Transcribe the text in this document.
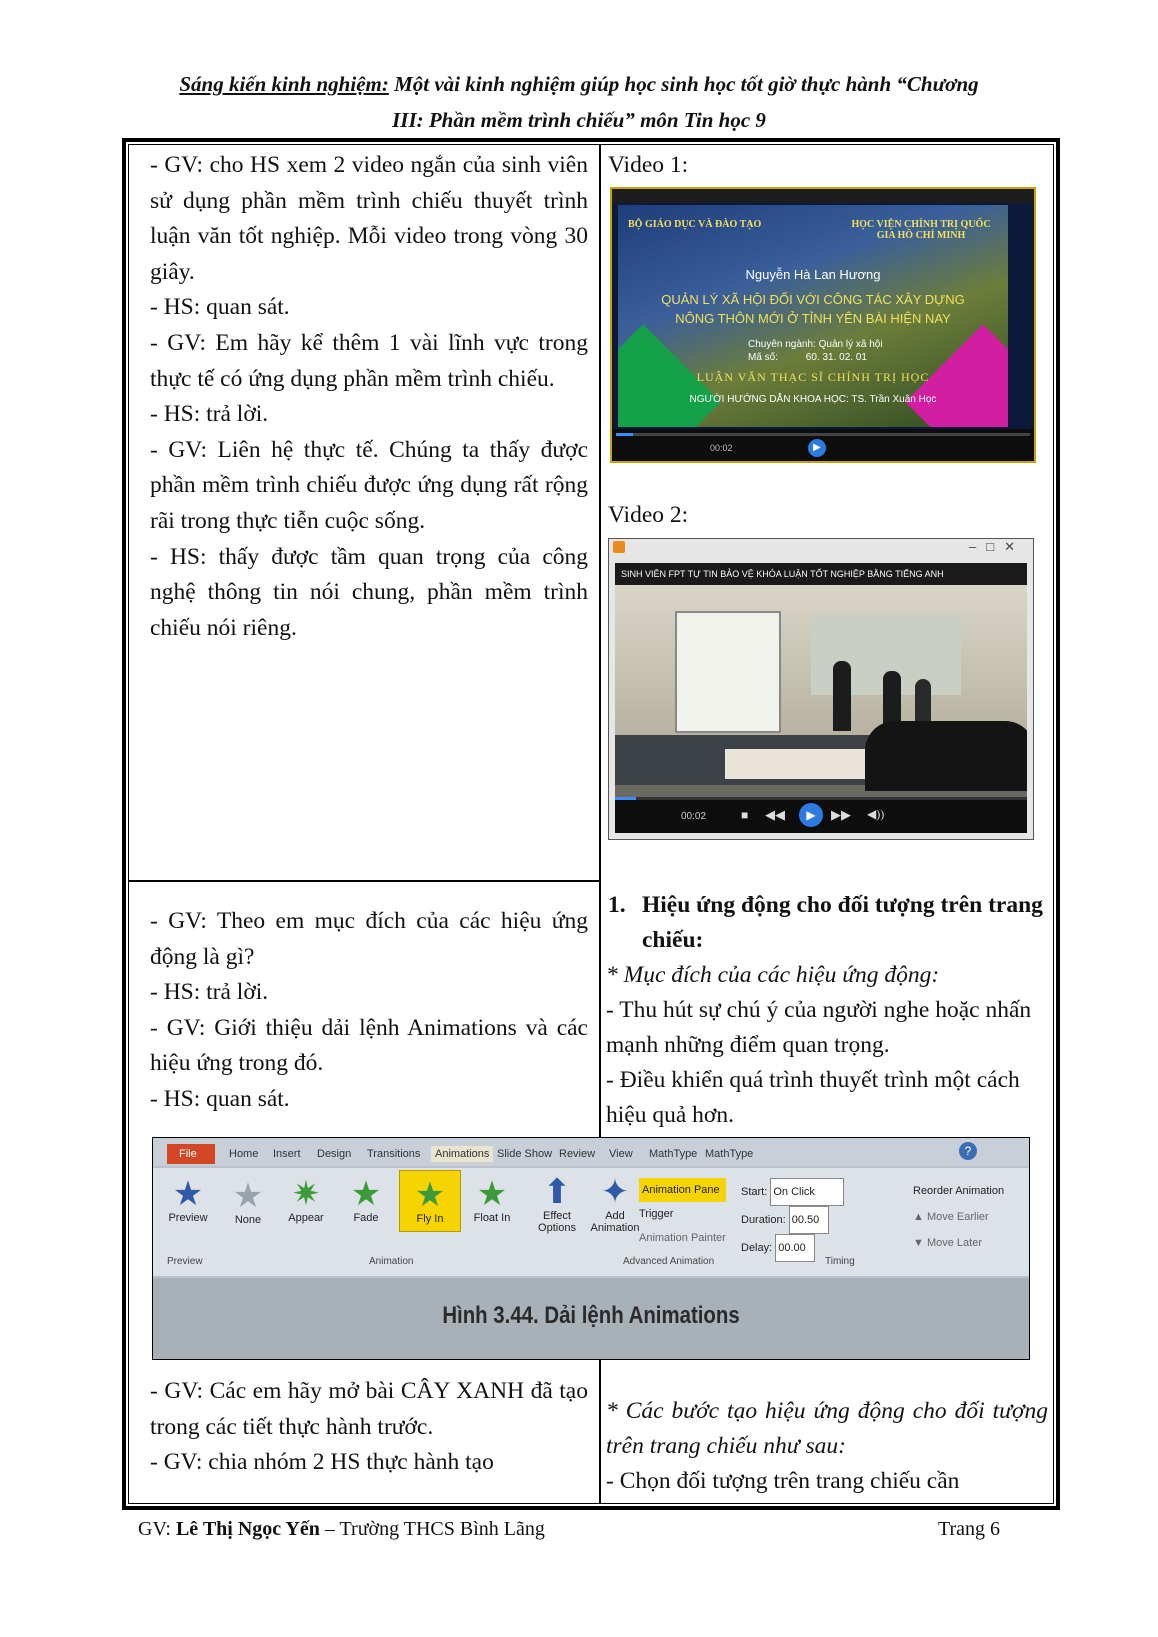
Sáng kiến kinh nghiệm: Một vài kinh nghiệm giúp học sinh học tốt giờ thực hành “Chương
III: Phần mềm trình chiếu” môn Tin học 9

- GV: cho HS xem 2 video ngắn của sinh viên sử dụng phần mềm trình chiếu thuyết trình luận văn tốt nghiệp. Mỗi video trong vòng 30 giây.

- HS: quan sát.

- GV: Em hãy kể thêm 1 vài lĩnh vực trong thực tế có ứng dụng phần mềm trình chiếu.

- HS: trả lời.

- GV: Liên hệ thực tế. Chúng ta thấy được phần mềm trình chiếu được ứng dụng rất rộng rãi trong thực tiễn cuộc sống.

- HS: thấy được tầm quan trọng của công nghệ thông tin nói chung, phần mềm trình chiếu nói riêng.

Video 1:
BỘ GIÁO DỤC VÀ ĐÀO TẠO	HỌC VIỆN CHÍNH TRỊ QUỐC GIA HỒ CHÍ MINH
Nguyễn Hà Lan Hương
QUẢN LÝ XÃ HỘI ĐỐI VỚI CÔNG TÁC XÂY DỰNG
NÔNG THÔN MỚI Ở TỈNH YÊN BÁI HIỆN NAY
Chuyên ngành: Quản lý xã hội
Mã số:          60. 31. 02. 01
LUẬN VĂN THẠC SĨ CHÍNH TRỊ HỌC
NGƯỜI HƯỚNG DẪN KHOA HỌC: TS. Trần Xuân Học
00:02	▶
Video 2:
–□✕
SINH VIÊN FPT TỰ TIN BẢO VỆ KHÓA LUẬN TỐT NGHIỆP BẰNG TIẾNG ANH
00:02	■ ◀◀	▶	▶▶ ◀))

- GV: Theo em mục đích của các hiệu ứng động là gì?

- HS: trả lời.

- GV: Giới thiệu dải lệnh Animations và các hiệu ứng trong đó.

- HS: quan sát.

1. Hiệu ứng động cho đối tượng trên trang chiếu:

* Mục đích của các hiệu ứng động:

- Thu hút sự chú ý của người nghe hoặc nhấn mạnh những điểm quan trọng.

- Điều khiển quá trình thuyết trình một cách hiệu quả hơn.

File	Home Insert Design Transitions	Animations Slide Show Review View MathType MathType	?
★
Preview
★
None
✷
Appear
★
Fade
★
Fly In
★
Float In
⬆
Effect Options
✦
Add Animation
Animation Pane
Trigger
Animation Painter
Start: On Click
Duration: 00.50
Delay: 00.00
Reorder Animation
▲ Move Earlier
▼ Move Later
Preview	Animation	Advanced Animation	Timing
Hình 3.44. Dải lệnh Animations

- GV: Các em hãy mở bài CÂY XANH đã tạo trong các tiết thực hành trước.

- GV: chia nhóm 2 HS thực hành tạo

* Các bước tạo hiệu ứng động cho đối tượng trên trang chiếu như sau:

- Chọn đối tượng trên trang chiếu cần

GV: Lê Thị Ngọc Yến – Trường THCS Bình Lãng	Trang 6
